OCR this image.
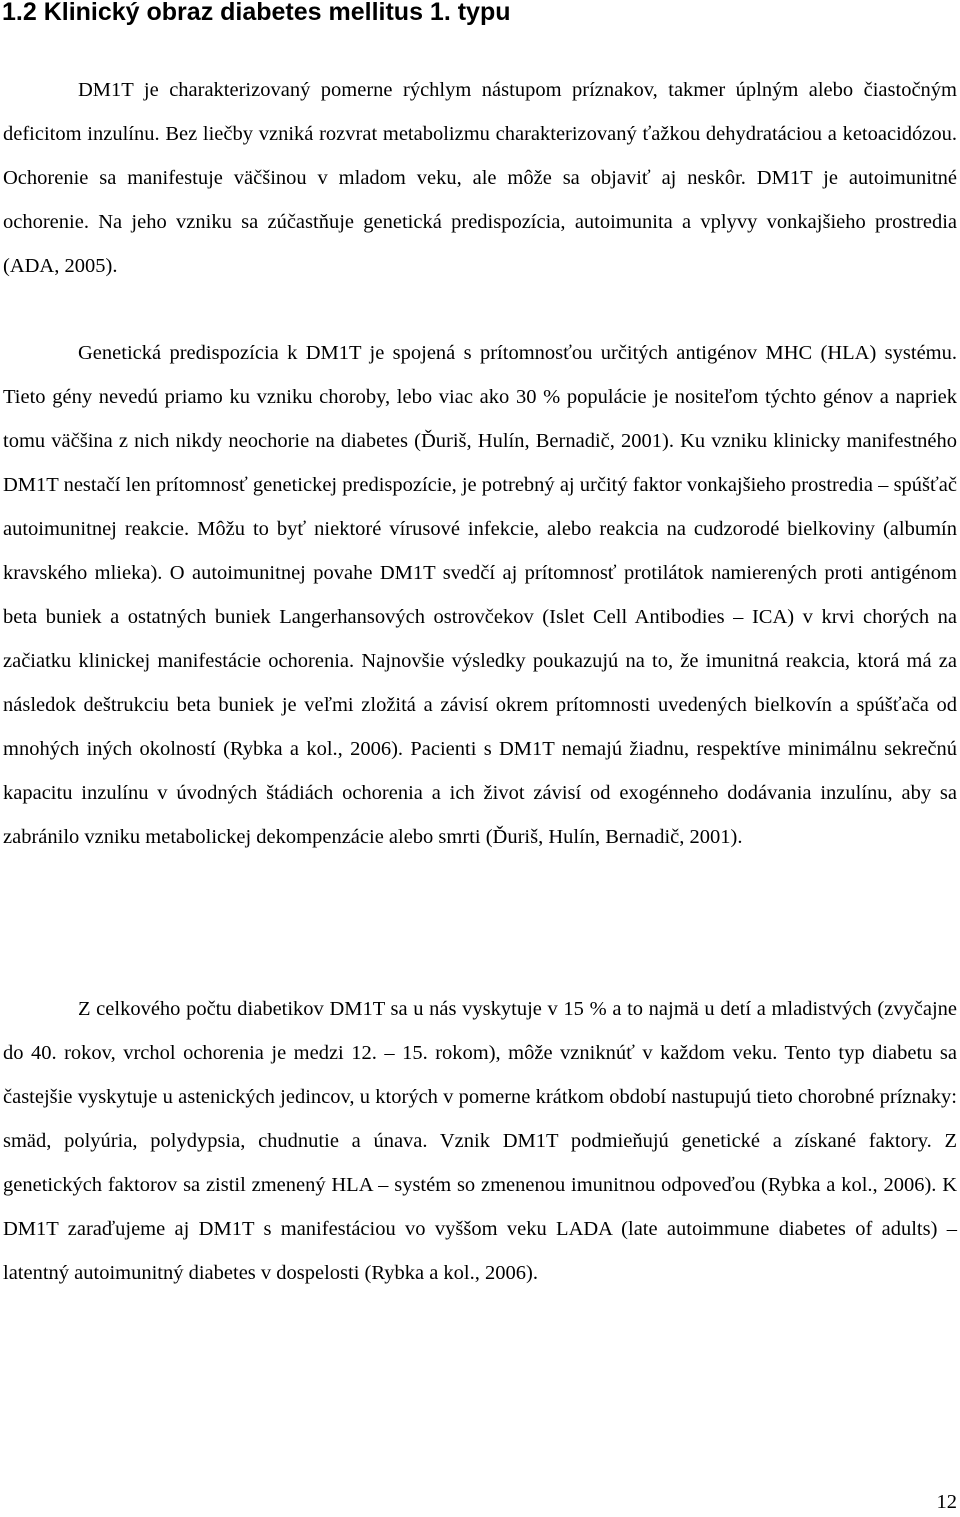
1.2 Klinický obraz diabetes mellitus 1. typu

DM1T je charakterizovaný pomerne rýchlym nástupom príznakov, takmer úplným alebo čiastočným deficitom inzulínu. Bez liečby vzniká rozvrat metabolizmu charakterizovaný ťažkou dehydratáciou a ketoacidózou. Ochorenie sa manifestuje väčšinou v mladom veku, ale môže sa objaviť aj neskôr. DM1T je autoimunitné ochorenie. Na jeho vzniku sa zúčastňuje genetická predispozícia, autoimunita a vplyvy vonkajšieho prostredia (ADA, 2005).

Genetická predispozícia k DM1T je spojená s prítomnosťou určitých antigénov MHC (HLA) systému. Tieto gény nevedú priamo ku vzniku choroby, lebo viac ako 30 % populácie je nositeľom týchto génov a napriek tomu väčšina z nich nikdy neochorie na diabetes (Ďuriš, Hulín, Bernadič, 2001). Ku vzniku klinicky manifestného DM1T nestačí len prítomnosť genetickej predispozície, je potrebný aj určitý faktor vonkajšieho prostredia – spúšťač autoimunitnej reakcie. Môžu to byť niektoré vírusové infekcie, alebo reakcia na cudzorodé bielkoviny (albumín kravského mlieka). O autoimunitnej povahe DM1T svedčí aj prítomnosť protilátok namierených proti antigénom beta buniek a ostatných buniek Langerhansových ostrovčekov (Islet Cell Antibodies – ICA) v krvi chorých na začiatku klinickej manifestácie ochorenia. Najnovšie výsledky poukazujú na to, že imunitná reakcia, ktorá má za následok deštrukciu beta buniek je veľmi zložitá a závisí okrem prítomnosti uvedených bielkovín a spúšťača od mnohých iných okolností (Rybka a kol., 2006). Pacienti s DM1T nemajú žiadnu, respektíve minimálnu sekrečnú kapacitu inzulínu v úvodných štádiách ochorenia a ich život závisí od exogénneho dodávania inzulínu, aby sa zabránilo vzniku metabolickej dekompenzácie alebo smrti (Ďuriš, Hulín, Bernadič, 2001).

Z celkového počtu diabetikov DM1T sa u nás vyskytuje v 15 % a to najmä u detí a mladistvých (zvyčajne do 40. rokov, vrchol ochorenia je medzi 12. – 15. rokom), môže vzniknúť v každom veku. Tento typ diabetu sa častejšie vyskytuje u astenických jedincov, u ktorých v pomerne krátkom období nastupujú tieto chorobné príznaky: smäd, polyúria, polydypsia, chudnutie a únava. Vznik DM1T podmieňujú genetické a získané faktory. Z genetických faktorov sa zistil zmenený HLA – systém so zmenenou imunitnou odpoveďou (Rybka a kol., 2006). K DM1T zaraďujeme aj DM1T s manifestáciou vo vyššom veku LADA (late autoimmune diabetes of adults) – latentný autoimunitný diabetes v dospelosti (Rybka a kol., 2006).

12
